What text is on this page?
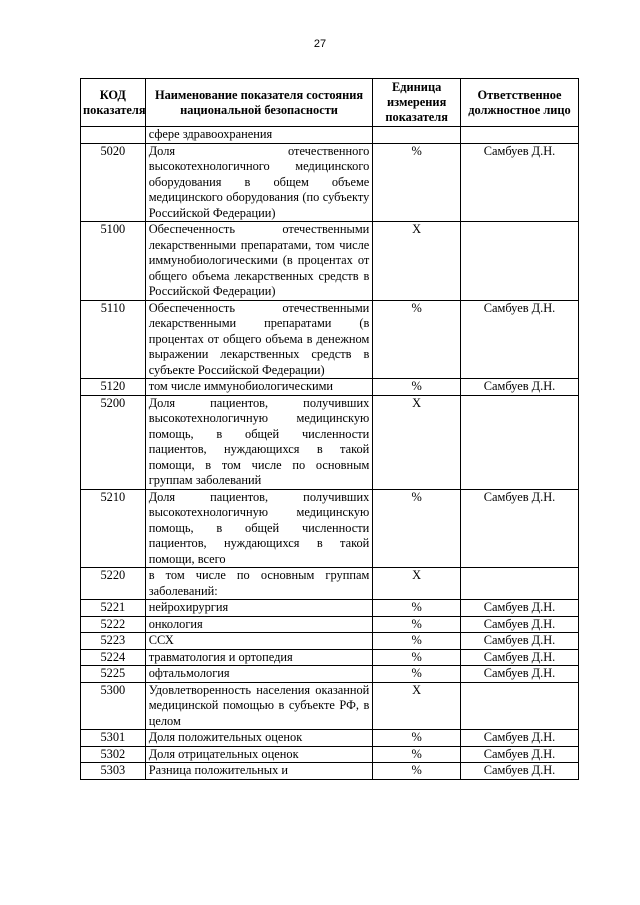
27
КОД показателя	Наименование показателя состояния национальной безопасности	Единица измерения показателя	Ответственное должностное лицо
	сфере здравоохранения		
5020	Доля отечественного высокотехнологичного медицинского оборудования в общем объеме медицинского оборудования (по субъекту Российской Федерации)	%	Самбуев Д.Н.
5100	Обеспеченность отечественными лекарственными препаратами, том числе иммунобиологическими (в процентах от общего объема лекарственных средств в Российской Федерации)	Х	
5110	Обеспеченность отечественными лекарственными препаратами (в процентах от общего объема в денежном выражении лекарственных средств в субъекте Российской Федерации)	%	Самбуев Д.Н.
5120	том числе иммунобиологическими	%	Самбуев Д.Н.
5200	Доля пациентов, получивших высокотехнологичную медицинскую помощь, в общей численности пациентов, нуждающихся в такой помощи, в том числе по основным группам заболеваний	Х	
5210	Доля пациентов, получивших высокотехнологичную медицинскую помощь, в общей численности пациентов, нуждающихся в такой помощи, всего	%	Самбуев Д.Н.
5220	в том числе по основным группам заболеваний:	Х	
5221	нейрохирургия	%	Самбуев Д.Н.
5222	онкология	%	Самбуев Д.Н.
5223	ССХ	%	Самбуев Д.Н.
5224	травматология и ортопедия	%	Самбуев Д.Н.
5225	офтальмология	%	Самбуев Д.Н.
5300	Удовлетворенность населения оказанной медицинской помощью в субъекте РФ, в целом	Х	
5301	Доля положительных оценок	%	Самбуев Д.Н.
5302	Доля отрицательных оценок	%	Самбуев Д.Н.
5303	Разница положительных и	%	Самбуев Д.Н.
